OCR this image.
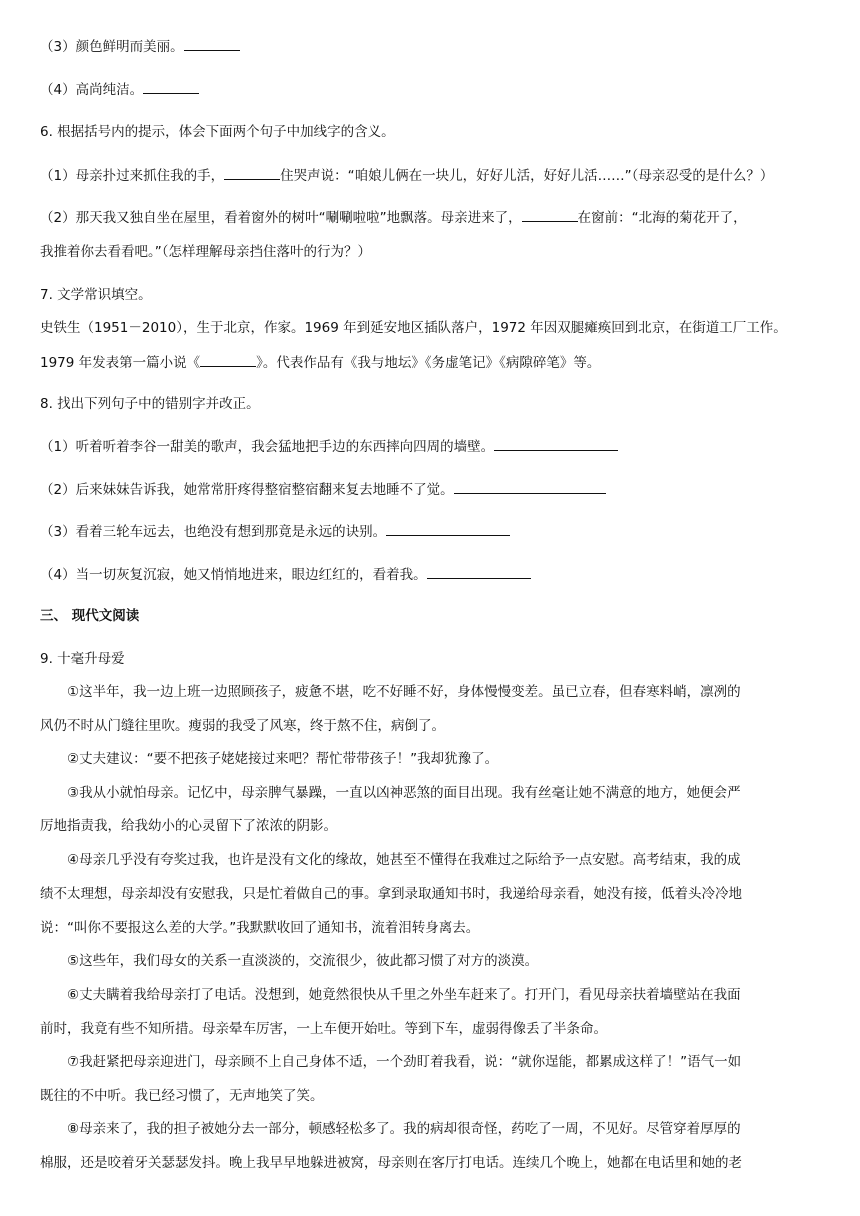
（3）颜色鲜明而美丽。
（4）高尚纯洁。
6. 根据括号内的提示，体会下面两个句子中加线字的含义。
（1）母亲扑过来抓住我的手，	住哭声说：“咱娘儿俩在一块儿，好好儿活，好好儿活……”（母亲忍受的是什么？）
（2）那天我又独自坐在屋里，看着窗外的树叶“唰唰啦啦”地飘落。母亲进来了，	在窗前：“北海的菊花开了，
我推着你去看看吧。”（怎样理解母亲挡住落叶的行为？）
7. 文学常识填空。
史铁生（1951－2010），生于北京，作家。1969 年到延安地区插队落户，1972 年因双腿瘫痪回到北京，在街道工厂工作。
1979 年发表第一篇小说《	》。代表作品有《我与地坛》《务虚笔记》《病隙碎笔》等。
8. 找出下列句子中的错别字并改正。
（1）听着听着李谷一甜美的歌声，我会猛地把手边的东西摔向四周的墙壁。
（2）后来妹妹告诉我，她常常肝疼得整宿整宿翻来复去地睡不了觉。
（3）看着三轮车远去，也绝没有想到那竟是永远的诀别。
（4）当一切灰复沉寂，她又悄悄地进来，眼边红红的，看着我。
三、 现代文阅读
9. 十毫升母爱
　　①这半年，我一边上班一边照顾孩子，疲惫不堪，吃不好睡不好，身体慢慢变差。虽已立春，但春寒料峭，凛冽的
风仍不时从门缝往里吹。瘦弱的我受了风寒，终于熬不住，病倒了。
　　②丈夫建议：“要不把孩子姥姥接过来吧？帮忙带带孩子！”我却犹豫了。
　　③我从小就怕母亲。记忆中，母亲脾气暴躁，一直以凶神恶煞的面目出现。我有丝毫让她不满意的地方，她便会严
厉地指责我，给我幼小的心灵留下了浓浓的阴影。
　　④母亲几乎没有夸奖过我，也许是没有文化的缘故，她甚至不懂得在我难过之际给予一点安慰。高考结束，我的成
绩不太理想，母亲却没有安慰我，只是忙着做自己的事。拿到录取通知书时，我递给母亲看，她没有接，低着头冷冷地
说：“叫你不要报这么差的大学。”我默默收回了通知书，流着泪转身离去。
　　⑤这些年，我们母女的关系一直淡淡的，交流很少，彼此都习惯了对方的淡漠。
　　⑥丈夫瞒着我给母亲打了电话。没想到，她竟然很快从千里之外坐车赶来了。打开门，看见母亲扶着墙壁站在我面
前时，我竟有些不知所措。母亲晕车厉害，一上车便开始吐。等到下车，虚弱得像丢了半条命。
　　⑦我赶紧把母亲迎进门，母亲顾不上自己身体不适，一个劲盯着我看，说：“就你逞能，都累成这样了！”语气一如
既往的不中听。我已经习惯了，无声地笑了笑。
　　⑧母亲来了，我的担子被她分去一部分，顿感轻松多了。我的病却很奇怪，药吃了一周，不见好。尽管穿着厚厚的
棉服，还是咬着牙关瑟瑟发抖。晚上我早早地躲进被窝，母亲则在客厅打电话。连续几个晚上，她都在电话里和她的老
